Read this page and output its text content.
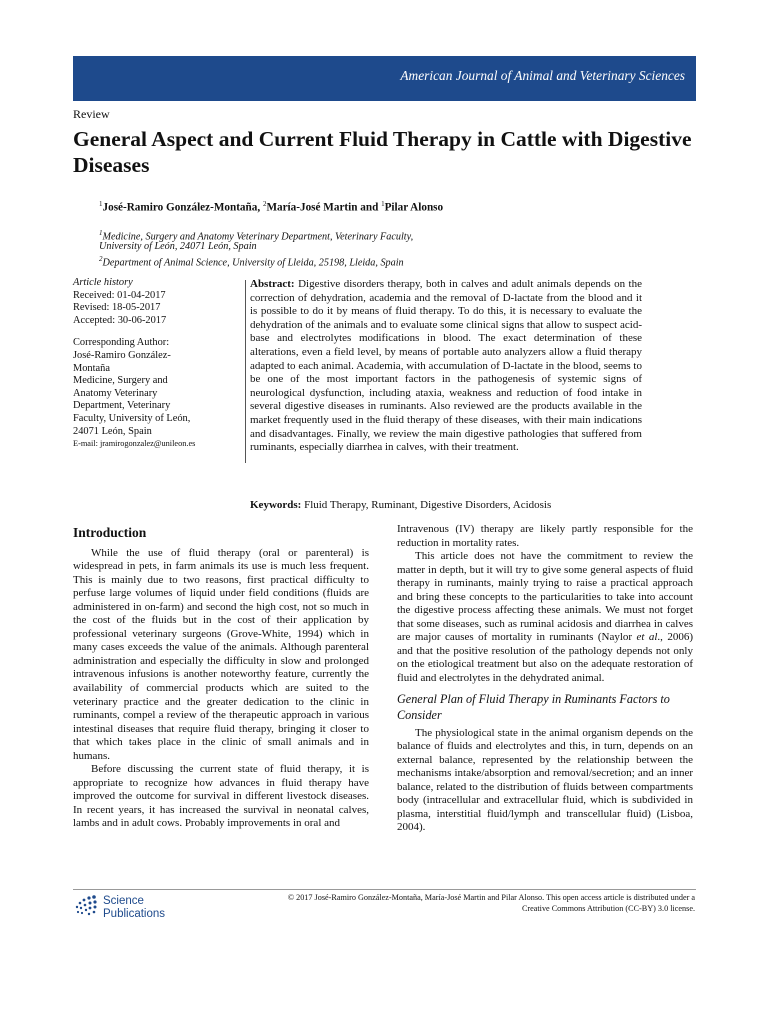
American Journal of Animal and Veterinary Sciences
Review
General Aspect and Current Fluid Therapy in Cattle with Digestive Diseases
$^1$José-Ramiro González-Montaña, $^2$María-José Martin and $^1$Pilar Alonso
$^1$Medicine, Surgery and Anatomy Veterinary Department, Veterinary Faculty,
University of León, 24071 León, Spain
$^2$Department of Animal Science, University of Lleida, 25198, Lleida, Spain
Article history
Received: 01-04-2017
Revised: 18-05-2017
Accepted: 30-06-2017
Corresponding Author:
José-Ramiro González-
Montaña
Medicine, Surgery and
Anatomy Veterinary
Department, Veterinary
Faculty, University of León,
24071 León, Spain
E-mail: jramirogonzalez@unileon.es

Abstract: Digestive disorders therapy, both in calves and adult animals depends on the correction of dehydration, academia and the removal of D-lactate from the blood and it is possible to do it by means of fluid therapy. To do this, it is necessary to evaluate the dehydration of the animals and to evaluate some clinical signs that allow to suspect acid-base and electrolytes modifications in blood. The exact determination of these alterations, even a field level, by means of portable auto analyzers allow a fluid therapy adapted to each animal. Academia, with accumulation of D-lactate in the blood, seems to be one of the most important factors in the pathogenesis of systemic signs of neurological dysfunction, including ataxia, weakness and reduction of food intake in several digestive diseases in ruminants. Also reviewed are the products available in the market frequently used in the fluid therapy of these diseases, with their main indications and disadvantages. Finally, we review the main digestive pathologies that suffered from ruminants, especially diarrhea in calves, with their treatment.

Keywords: Fluid Therapy, Ruminant, Digestive Disorders, Acidosis
Introduction

While the use of fluid therapy (oral or parenteral) is widespread in pets, in farm animals its use is much less frequent. This is mainly due to two reasons, first practical difficulty to perfuse large volumes of liquid under field conditions (fluids are administered in on-farm) and second the high cost, not so much in the cost of the fluids but in the cost of their application by professional veterinary surgeons (Grove-White, 1994) which in many cases exceeds the value of the animals. Although parenteral administration and especially the difficulty in slow and prolonged intravenous infusions is another noteworthy feature, currently the availability of commercial products which are suited to the veterinary practice and the greater dedication to the clinic in ruminants, compel a review of the therapeutic approach in various intestinal diseases that require fluid therapy, bringing it closer to that which takes place in the clinic of small animals and in humans.

Before discussing the current state of fluid therapy, it is appropriate to recognize how advances in fluid therapy have improved the outcome for survival in different livestock diseases. In recent years, it has increased the survival in neonatal calves, lambs and in adult cows. Probably improvements in oral and

Intravenous (IV) therapy are likely partly responsible for the reduction in mortality rates.

This article does not have the commitment to review the matter in depth, but it will try to give some general aspects of fluid therapy in ruminants, mainly trying to raise a practical approach and bring these concepts to the particularities to take into account the digestive process affecting these animals. We must not forget that some diseases, such as ruminal acidosis and diarrhea in calves are major causes of mortality in ruminants (Naylor et al., 2006) and that the positive resolution of the pathology depends not only on the etiological treatment but also on the adequate restoration of fluid and electrolytes in the dehydrated animal.

General Plan of Fluid Therapy in Ruminants Factors to Consider

The physiological state in the animal organism depends on the balance of fluids and electrolytes and this, in turn, depends on an external balance, represented by the relationship between the mechanisms intake/absorption and removal/secretion; and an inner balance, related to the distribution of fluids between compartments body (intracellular and extracellular fluid, which is subdivided in plasma, interstitial fluid/lymph and transcellular fluid) (Lisboa, 2004).

Science
Publications
© 2017 José-Ramiro González-Montaña, María-José Martin and Pilar Alonso. This open access article is distributed under a
Creative Commons Attribution (CC-BY) 3.0 license.
